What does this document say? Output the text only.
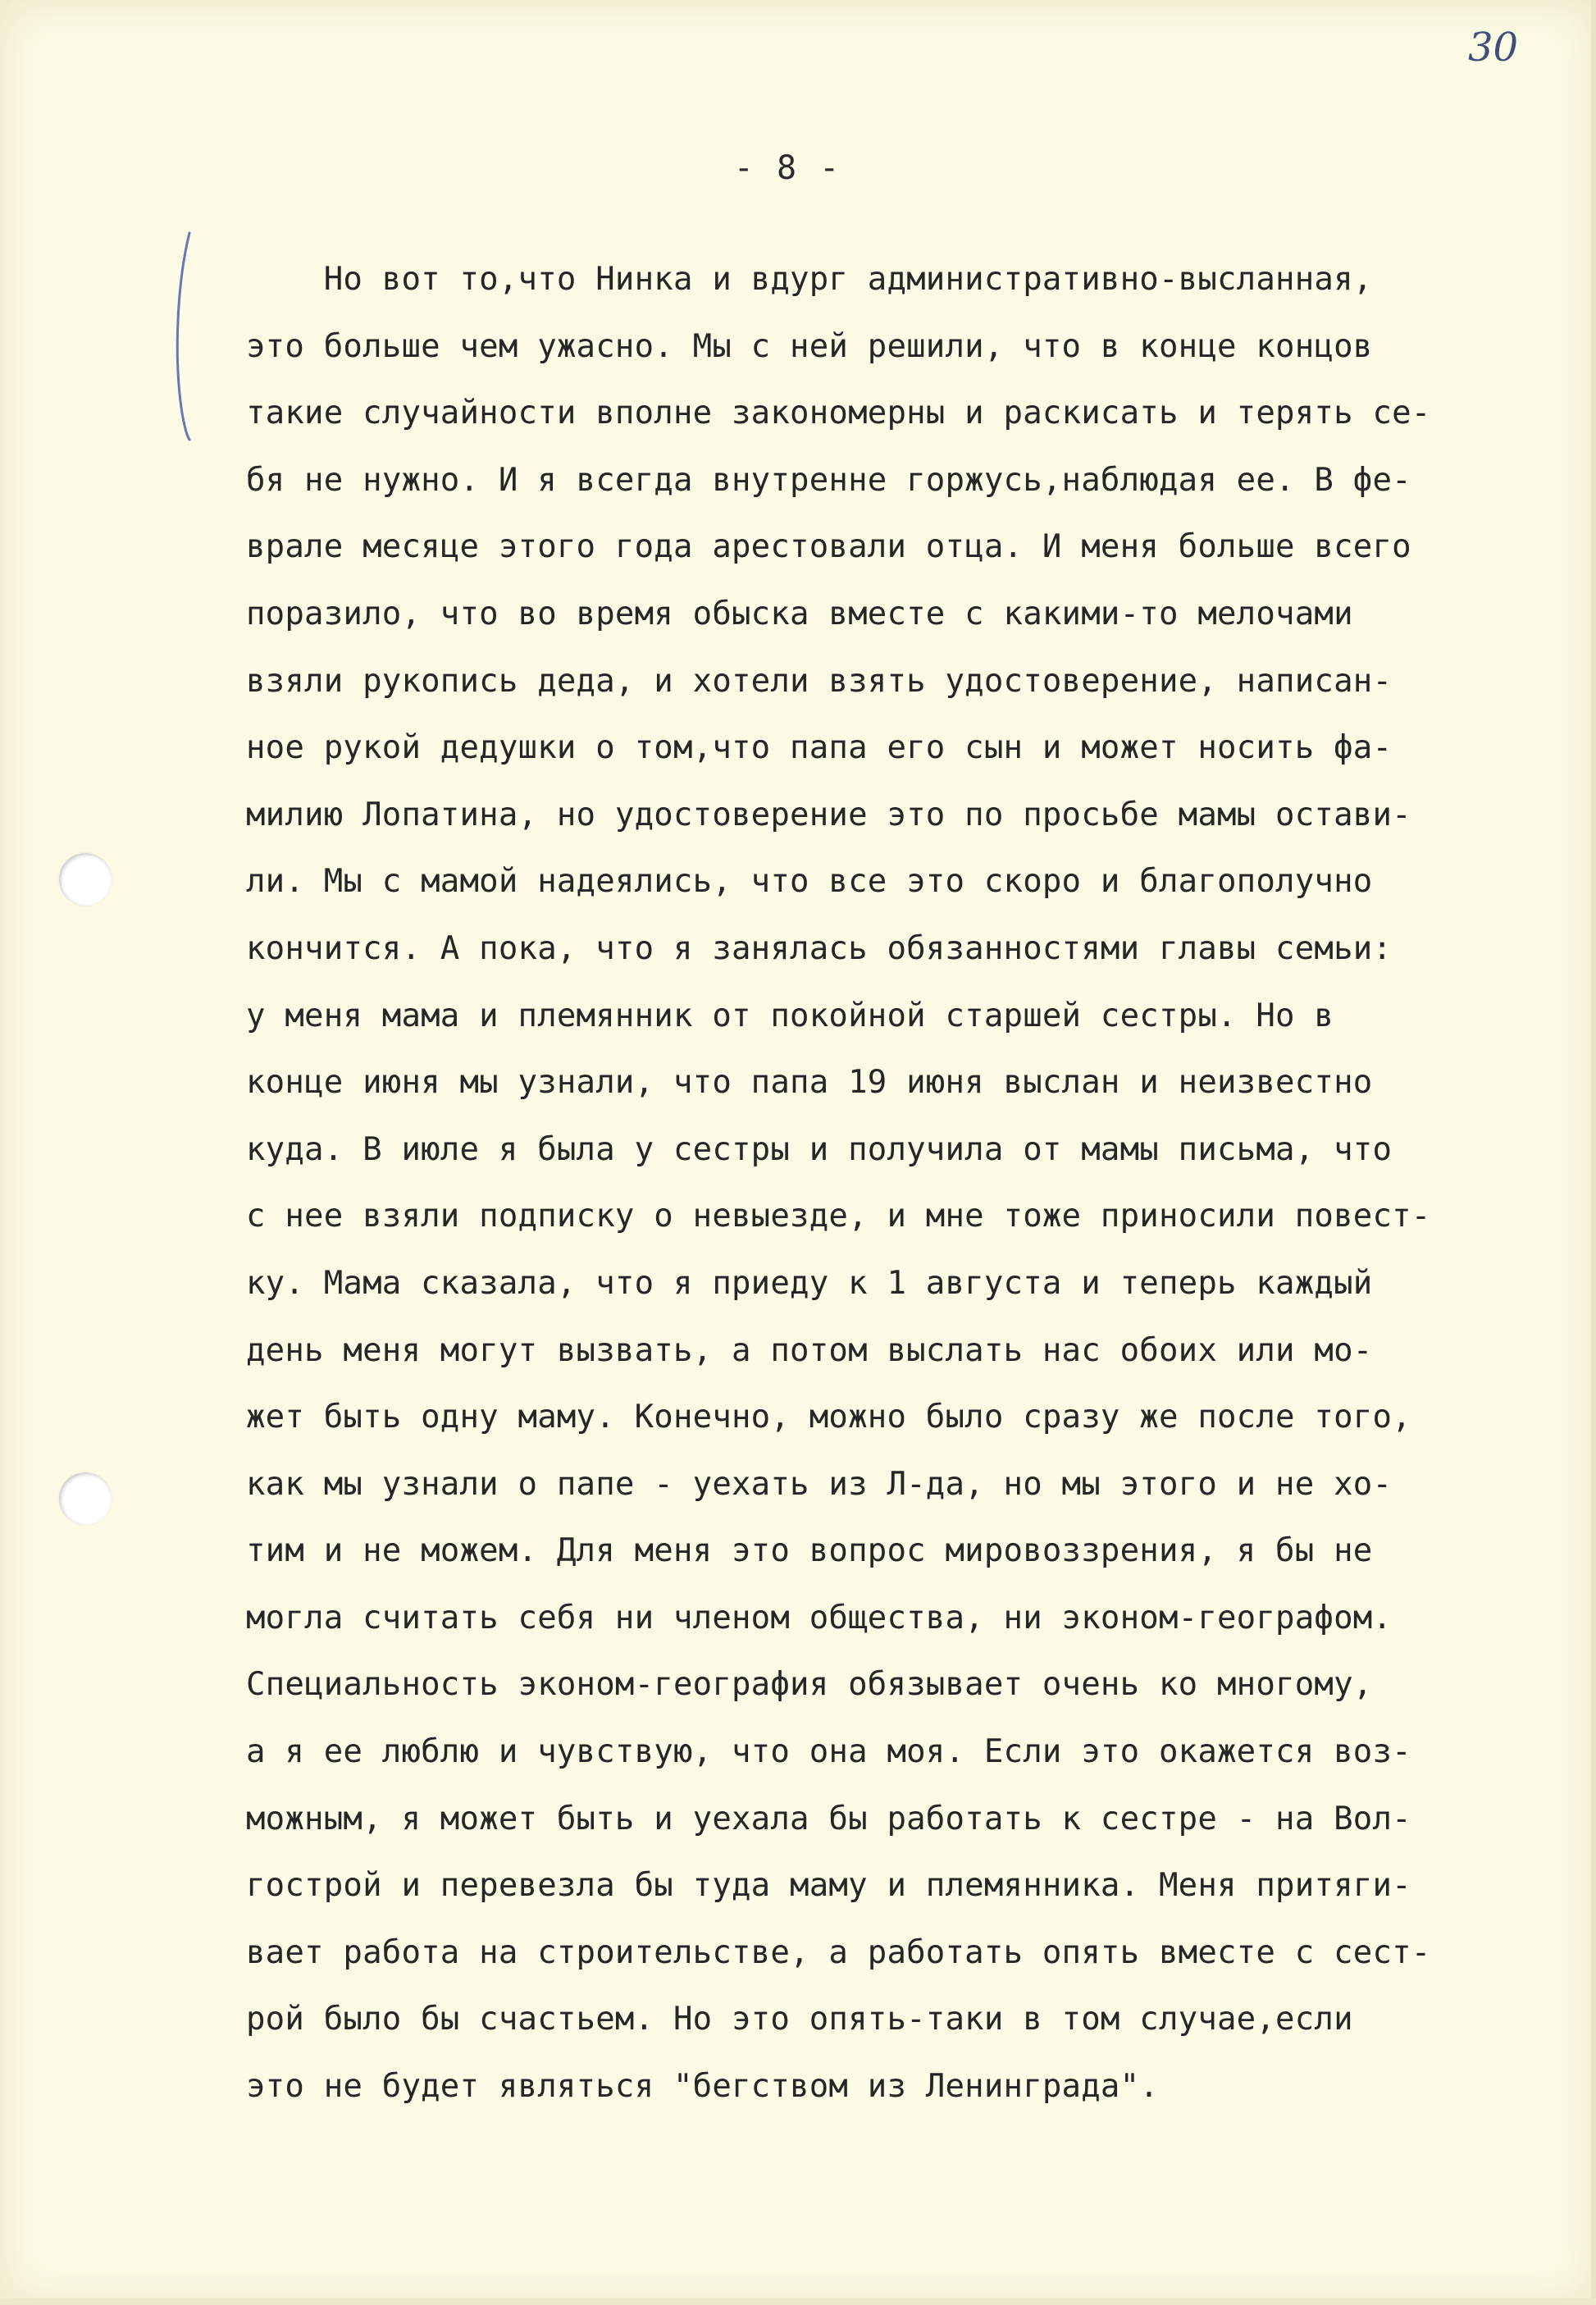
30
- 8 -
Но вот то,что Нинка и вдург административно-высланная,
это больше чем ужасно. Мы с ней решили, что в конце концов
такие случайности вполне закономерны и раскисать и терять се-
бя не нужно. И я всегда внутренне горжусь,наблюдая ее. В фе-
врале месяце этого года арестовали отца. И меня больше всего
поразило, что во время обыска вместе с какими-то мелочами
взяли рукопись деда, и хотели взять удостоверение, написан-
ное рукой дедушки о том,что папа его сын и может носить фа-
милию Лопатина, но удостоверение это по просьбе мамы остави-
ли. Мы с мамой надеялись, что все это скоро и благополучно
кончится. А пока, что я занялась обязанностями главы семьи:
у меня мама и племянник от покойной старшей сестры. Но в
конце июня мы узнали, что папа 19 июня выслан и неизвестно
куда. В июле я была у сестры и получила от мамы письма, что
с нее взяли подписку о невыезде, и мне тоже приносили повест-
ку. Мама сказала, что я приеду к 1 августа и теперь каждый
день меня могут вызвать, а потом выслать нас обоих или мо-
жет быть одну маму. Конечно, можно было сразу же после того,
как мы узнали о папе - уехать из Л-да, но мы этого и не хо-
тим и не можем. Для меня это вопрос мировоззрения, я бы не
могла считать себя ни членом общества, ни эконом-географом.
Специальность эконом-география обязывает очень ко многому,
а я ее люблю и чувствую, что она моя. Если это окажется воз-
можным, я может быть и уехала бы работать к сестре - на Вол-
гострой и перевезла бы туда маму и племянника. Меня притяги-
вает работа на строительстве, а работать опять вместе с сест-
рой было бы счастьем. Но это опять-таки в том случае,если
это не будет являться "бегством из Ленинграда".
